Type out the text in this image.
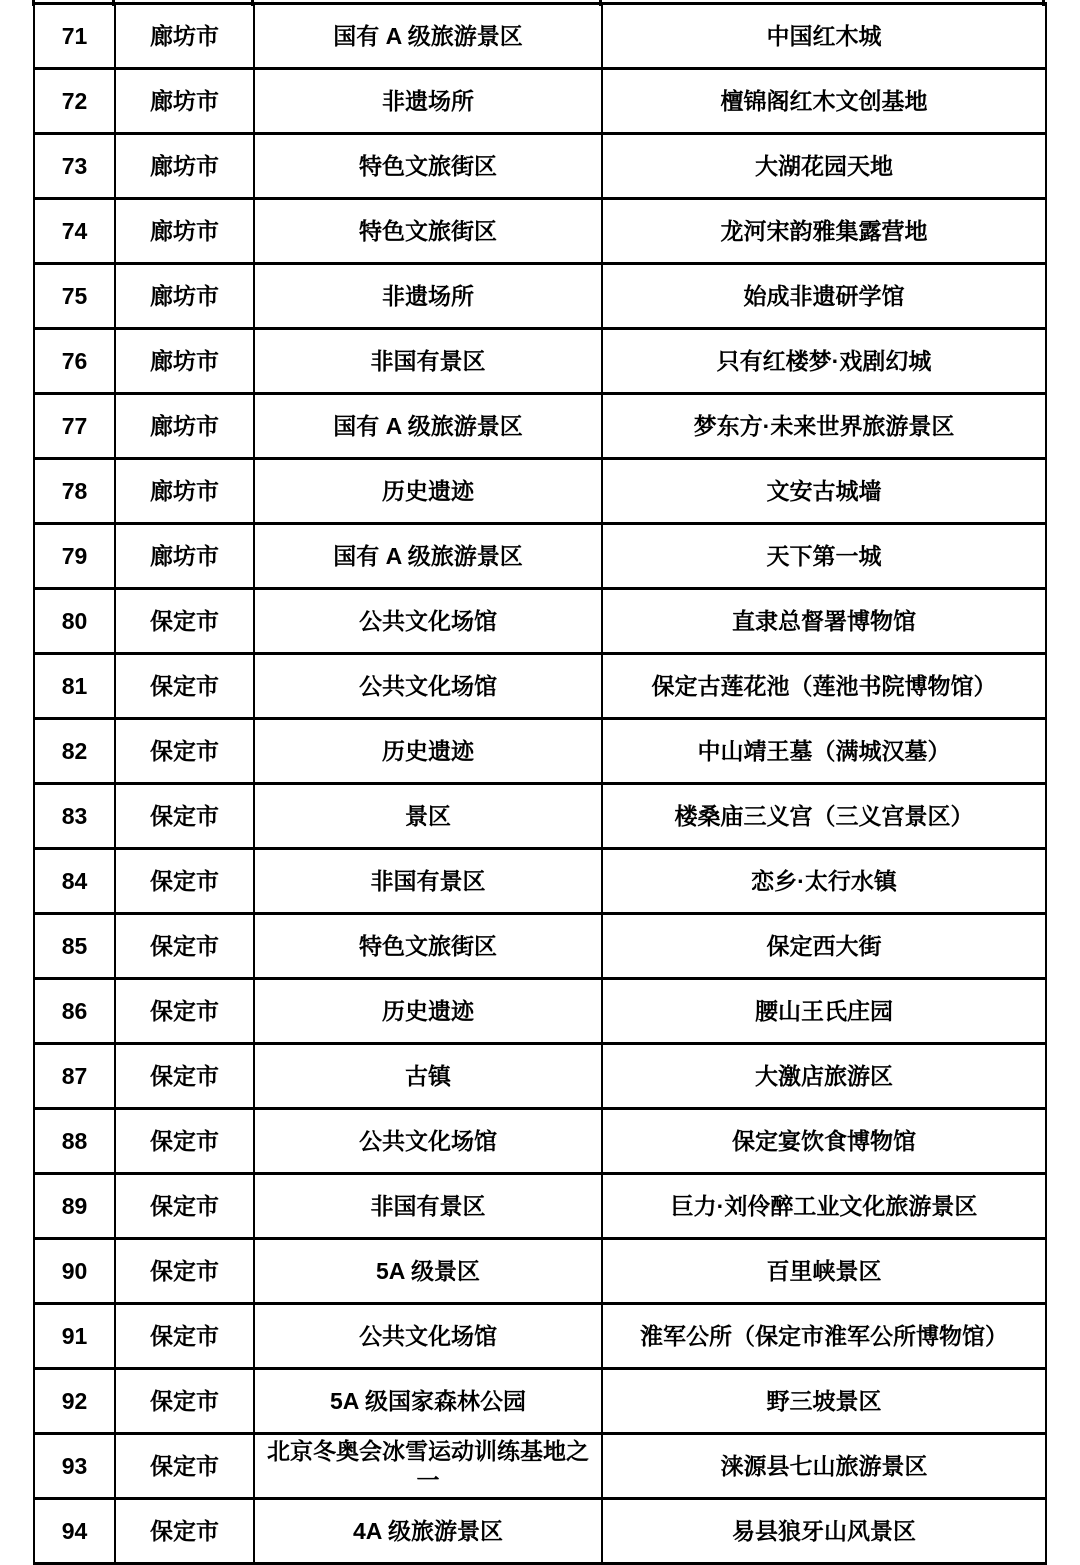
71	廊坊市	国有 A 级旅游景区	中国红木城
72	廊坊市	非遗场所	檀锦阁红木文创基地
73	廊坊市	特色文旅街区	大湖花园天地
74	廊坊市	特色文旅街区	龙河宋韵雅集露营地
75	廊坊市	非遗场所	始成非遗研学馆
76	廊坊市	非国有景区	只有红楼梦·戏剧幻城
77	廊坊市	国有 A 级旅游景区	梦东方·未来世界旅游景区
78	廊坊市	历史遗迹	文安古城墙
79	廊坊市	国有 A 级旅游景区	天下第一城
80	保定市	公共文化场馆	直隶总督署博物馆
81	保定市	公共文化场馆	保定古莲花池（莲池书院博物馆）
82	保定市	历史遗迹	中山靖王墓（满城汉墓）
83	保定市	景区	楼桑庙三义宫（三义宫景区）
84	保定市	非国有景区	恋乡·太行水镇
85	保定市	特色文旅街区	保定西大街
86	保定市	历史遗迹	腰山王氏庄园
87	保定市	古镇	大激店旅游区
88	保定市	公共文化场馆	保定宴饮食博物馆
89	保定市	非国有景区	巨力·刘伶醉工业文化旅游景区
90	保定市	5A 级景区	百里峡景区
91	保定市	公共文化场馆	淮军公所（保定市淮军公所博物馆）
92	保定市	5A 级国家森林公园	野三坡景区
93	保定市	北京冬奥会冰雪运动训练基地之一	涞源县七山旅游景区
94	保定市	4A 级旅游景区	易县狼牙山风景区
